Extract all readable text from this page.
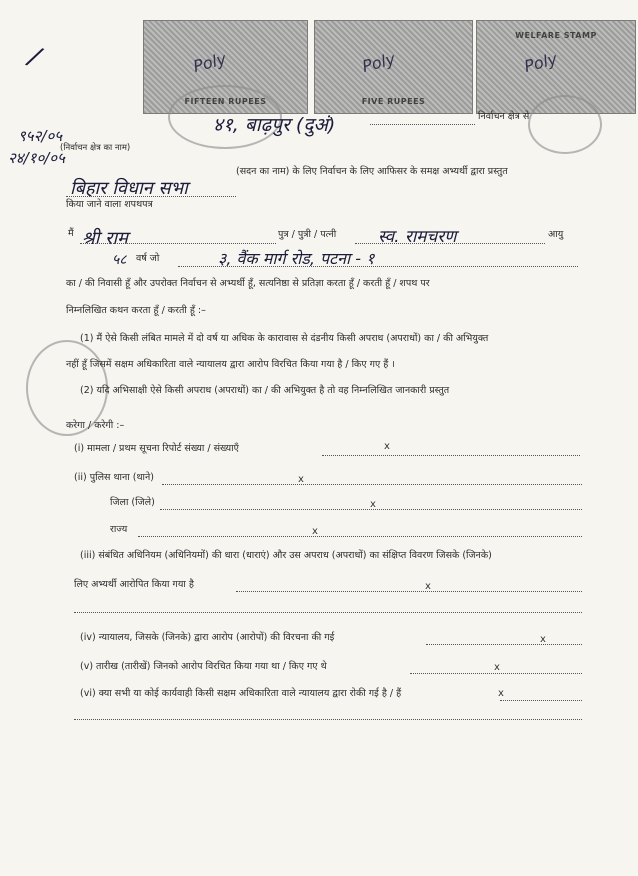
FIFTEEN RUPEES
Poly
FIVE RUPEES
Poly
WELFARE STAMP
Poly
/
४१, बाढ़पुर (दुअं)	निर्वाचन क्षेत्र से
९५२/०५
२४/१०/०५
(निर्वाचन क्षेत्र का नाम)
(सदन का नाम) के लिए निर्वाचन के लिए आफिसर के समक्ष अभ्यर्थी द्वारा प्रस्तुत
बिहार विधान सभा
किया जाने वाला शपथपत्र
मैं श्री राम	पुत्र / पुत्री / पत्नी स्व. रामचरण	आयु
५८ वर्ष जो	३, वैंक मार्ग रोड, पटना - १
का / की निवासी हूँ और उपरोक्त निर्वाचन से अभ्यर्थी हूँ, सत्यनिष्ठा से प्रतिज्ञा करता हूँ / करती हूँ / शपथ पर
निम्नलिखित कथन करता हूँ / करती हूँ :–
(1) मैं ऐसे किसी लंबित मामले में दो वर्ष या अधिक के कारावास से दंडनीय किसी अपराध (अपराधों) का / की अभियुक्त
नहीं हूँ जिसमें सक्षम अधिकारिता वाले न्यायालय द्वारा आरोप विरचित किया गया है / किए गए हैं ।
(2) यदि अभिसाक्षी ऐसे किसी अपराध (अपराधों) का / की अभियुक्त है तो वह निम्नलिखित जानकारी प्रस्तुत
करेगा / करेगी :–
(i) मामला / प्रथम सूचना रिपोर्ट संख्या / संख्याएँ	x
(ii) पुलिस थाना (थाने)	x
जिला (जिले)	x
राज्य	x
(iii) संबंधित अधिनियम (अधिनियमों) की धारा (धाराएं) और उस अपराध (अपराधों) का संक्षिप्त विवरण जिसके (जिनके)
लिए अभ्यर्थी आरोपित किया गया है	x
(iv) न्यायालय, जिसके (जिनके) द्वारा आरोप (आरोपों) की विरचना की गई	x
(v) तारीख (तारीखें) जिनको आरोप विरचित किया गया था / किए गए थे	x
(vi) क्या सभी या कोई कार्यवाही किसी सक्षम अधिकारिता वाले न्यायालय द्वारा रोकी गई है / हैं	x
